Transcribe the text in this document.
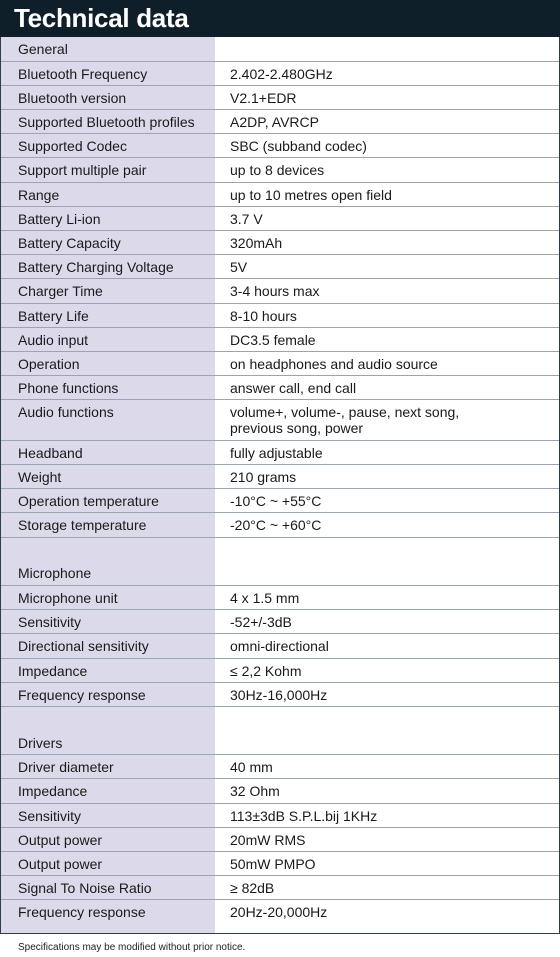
Technical data
General	
Bluetooth Frequency	2.402-2.480GHz

Bluetooth version	V2.1+EDR

Supported Bluetooth profiles	A2DP, AVRCP

Supported Codec	SBC (subband codec)

Support multiple pair	up to 8 devices

Range	up to 10 metres open field

Battery Li-ion	3.7 V

Battery Capacity	320mAh

Battery Charging Voltage	5V

Charger Time	3-4 hours max

Battery Life	8-10 hours

Audio input	DC3.5 female

Operation	on headphones and audio source

Phone functions	answer call, end call

Audio functions	volume+, volume-, pause, next song,
previous song, power

Headband	fully adjustable

Weight	210 grams

Operation temperature	-10°C ~ +55°C

Storage temperature	-20°C ~ +60°C

Microphone	
Microphone unit	4 x 1.5 mm

Sensitivity	-52+/-3dB

Directional sensitivity	omni-directional

Impedance	≤ 2,2 Kohm

Frequency response	30Hz-16,000Hz

Drivers	
Driver diameter	40 mm

Impedance	32 Ohm

Sensitivity	113±3dB S.P.L.bij 1KHz

Output power	20mW RMS

Output power	50mW PMPO

Signal To Noise Ratio	≥ 82dB

Frequency response	20Hz-20,000Hz
Specifications may be modified without prior notice.
